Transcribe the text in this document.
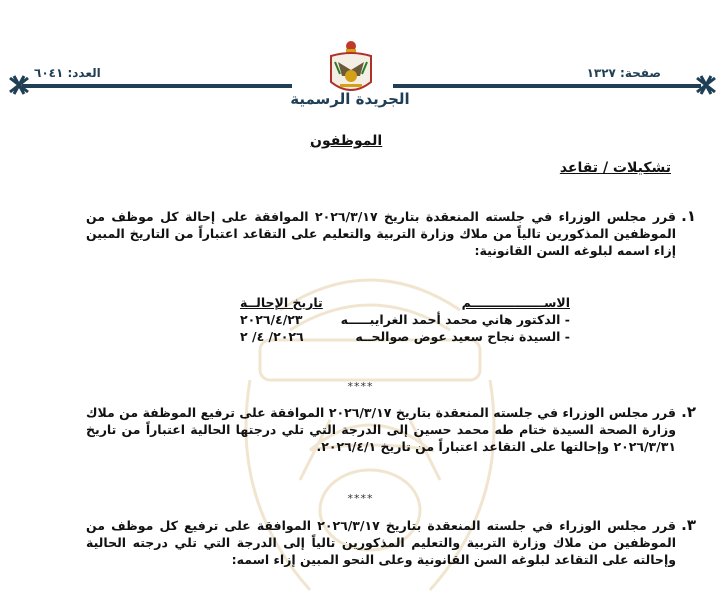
العدد: ٦٠٤١
الجريدة الرسمية
صفحة: ١٣٢٧
الموظفون
تشكيلات / تقاعد
١.
قرر مجلس الوزراء في جلسته المنعقدة بتاريخ ٢٠٢٦/٣/١٧ الموافقة على إحالة كل موظف من الموظفين المذكورين تالياً من ملاك وزارة التربية والتعليم على التقاعد اعتباراً من التاريخ المبين إزاء اسمه لبلوغه السن القانونية:
الاســـــــــــــــــم
تاريخ الإحالــة
- الدكتور هاني محمد أحمد الغرايبـــــه
٢٠٢٦/٤/٢٣
- السيدة نجاح سعيد عوض صوالحــه
٢٠٢٦/ ٤/ ٢
****
٢.
قرر مجلس الوزراء في جلسته المنعقدة بتاريخ ٢٠٢٦/٣/١٧ الموافقة على ترفيع الموظفة من ملاك وزارة الصحة السيدة ختام طه محمد حسين إلى الدرجة التي تلي درجتها الحالية اعتباراً من تاريخ ٢٠٢٦/٣/٣١ وإحالتها على التقاعد اعتباراً من تاريخ ٢٠٢٦/٤/١.
****
٣.
قرر مجلس الوزراء في جلسته المنعقدة بتاريخ ٢٠٢٦/٣/١٧ الموافقة على ترفيع كل موظف من الموظفين من ملاك وزارة التربية والتعليم المذكورين تالياً إلى الدرجة التي تلي درجته الحالية وإحالته على التقاعد لبلوغه السن القانونية وعلى النحو المبين إزاء اسمه:
